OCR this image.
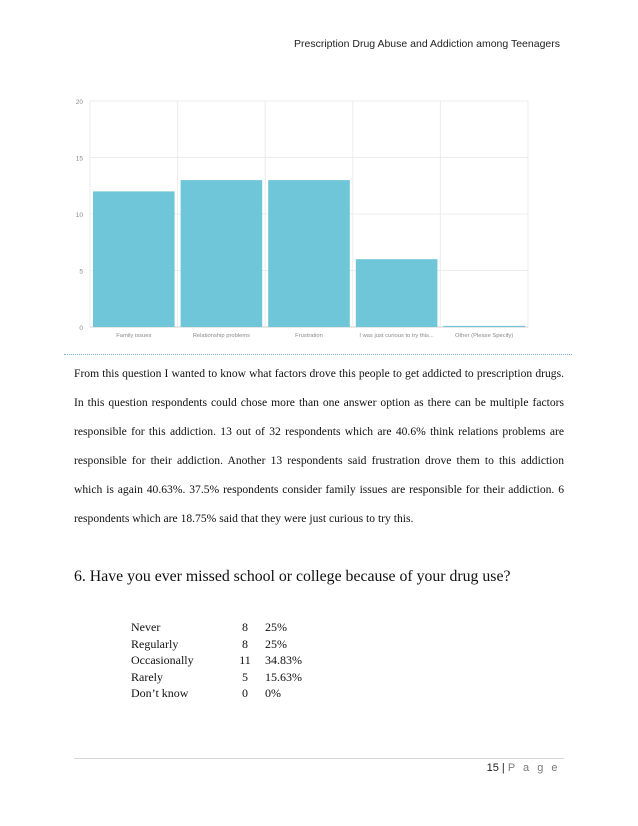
Prescription Drug Abuse and Addiction among Teenagers
0
5
10
15
20
Family issues	Relationship problems	Frustration	I was just curious to try this...	Other (Please Specify)

From this question I wanted to know what factors drove this people to get addicted to prescription drugs. In this question respondents could chose more than one answer option as there can be multiple factors responsible for this addiction. 13 out of 32 respondents which are 40.6% think relations problems are responsible for their addiction. Another 13 respondents said frustration drove them to this addiction which is again 40.63%. 37.5% respondents consider family issues are responsible for their addiction. 6 respondents which are 18.75% said that they were just curious to try this.

6. Have you ever missed school or college because of your drug use?
Never	8	25%
Regularly	8	25%
Occasionally	11	34.83%
Rarely	5	15.63%
Don’t know	0	0%
15 | P a g e
